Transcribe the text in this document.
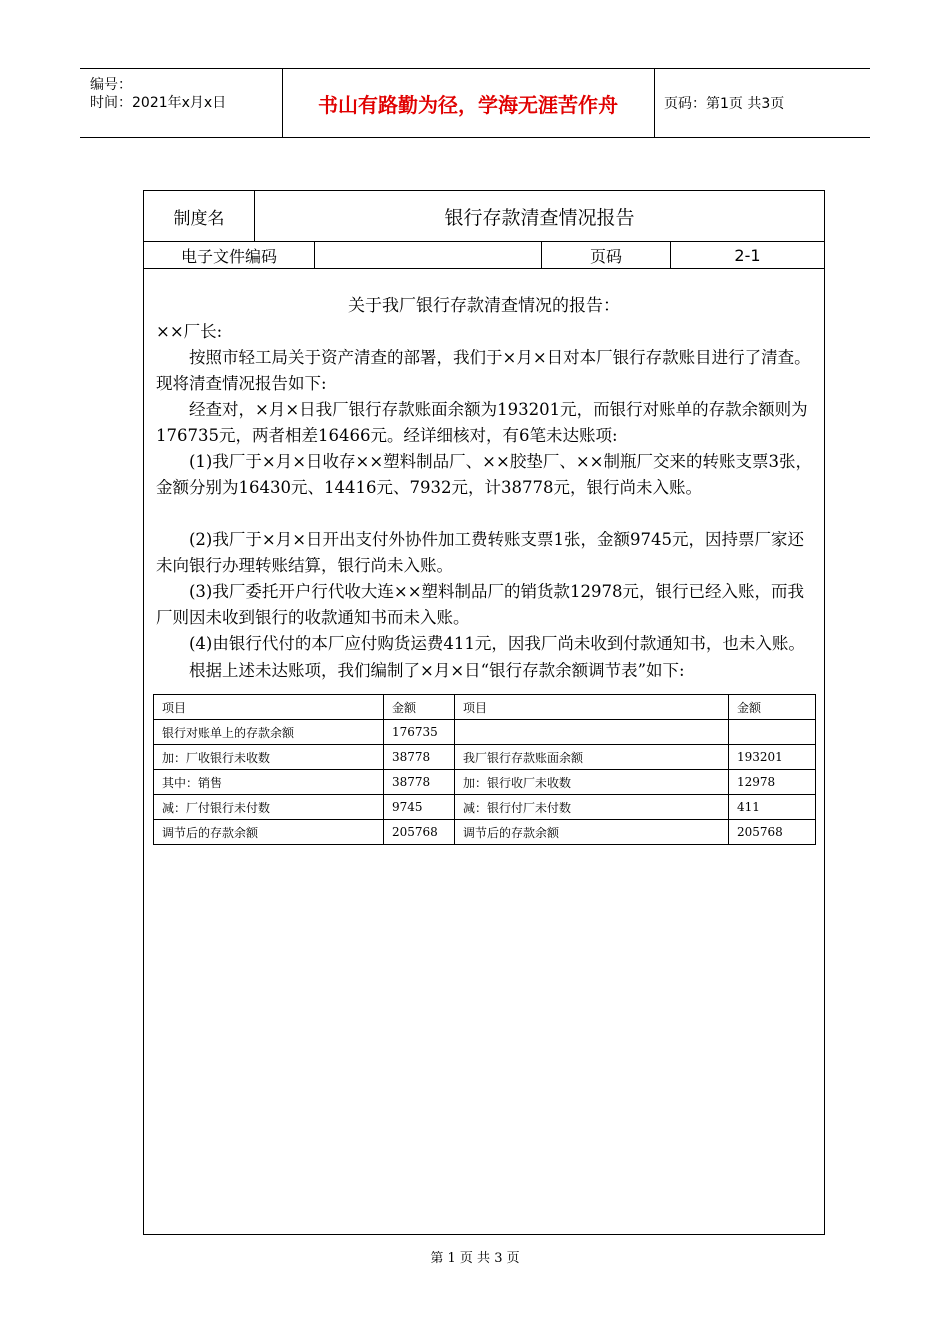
编号：
时间：2021年x月x日	书山有路勤为径，学海无涯苦作舟	页码：第1页 共3页
制度名	银行存款清查情况报告
电子文件编码	页码	2-1
关于我厂银行存款清查情况的报告：
××厂长:
按照市轻工局关于资产清查的部署，我们于×月×日对本厂银行存款账目进行了清查。现将清查情况报告如下:
经查对，×月×日我厂银行存款账面余额为193201元，而银行对账单的存款余额则为176735元，两者相差16466元。经详细核对，有6笔未达账项:
(1)我厂于×月×日收存××塑料制品厂、××胶垫厂、××制瓶厂交来的转账支票3张，金额分别为16430元、14416元、7932元，计38778元，银行尚未入账。
(2)我厂于×月×日开出支付外协件加工费转账支票1张，金额9745元，因持票厂家还未向银行办理转账结算，银行尚未入账。
(3)我厂委托开户行代收大连××塑料制品厂的销货款12978元，银行已经入账，而我厂则因未收到银行的收款通知书而未入账。
(4)由银行代付的本厂应付购货运费411元，因我厂尚未收到付款通知书，也未入账。
根据上述未达账项，我们编制了×月×日“银行存款余额调节表”如下:
项目	金额	项目	金额
银行对账单上的存款余额	176735		
加：厂收银行未收数	38778	我厂银行存款账面余额	193201
其中：销售	38778	加：银行收厂未收数	12978
减：厂付银行未付数	9745	减：银行付厂未付数	411
调节后的存款余额	205768	调节后的存款余额	205768
第 1 页 共 3 页
